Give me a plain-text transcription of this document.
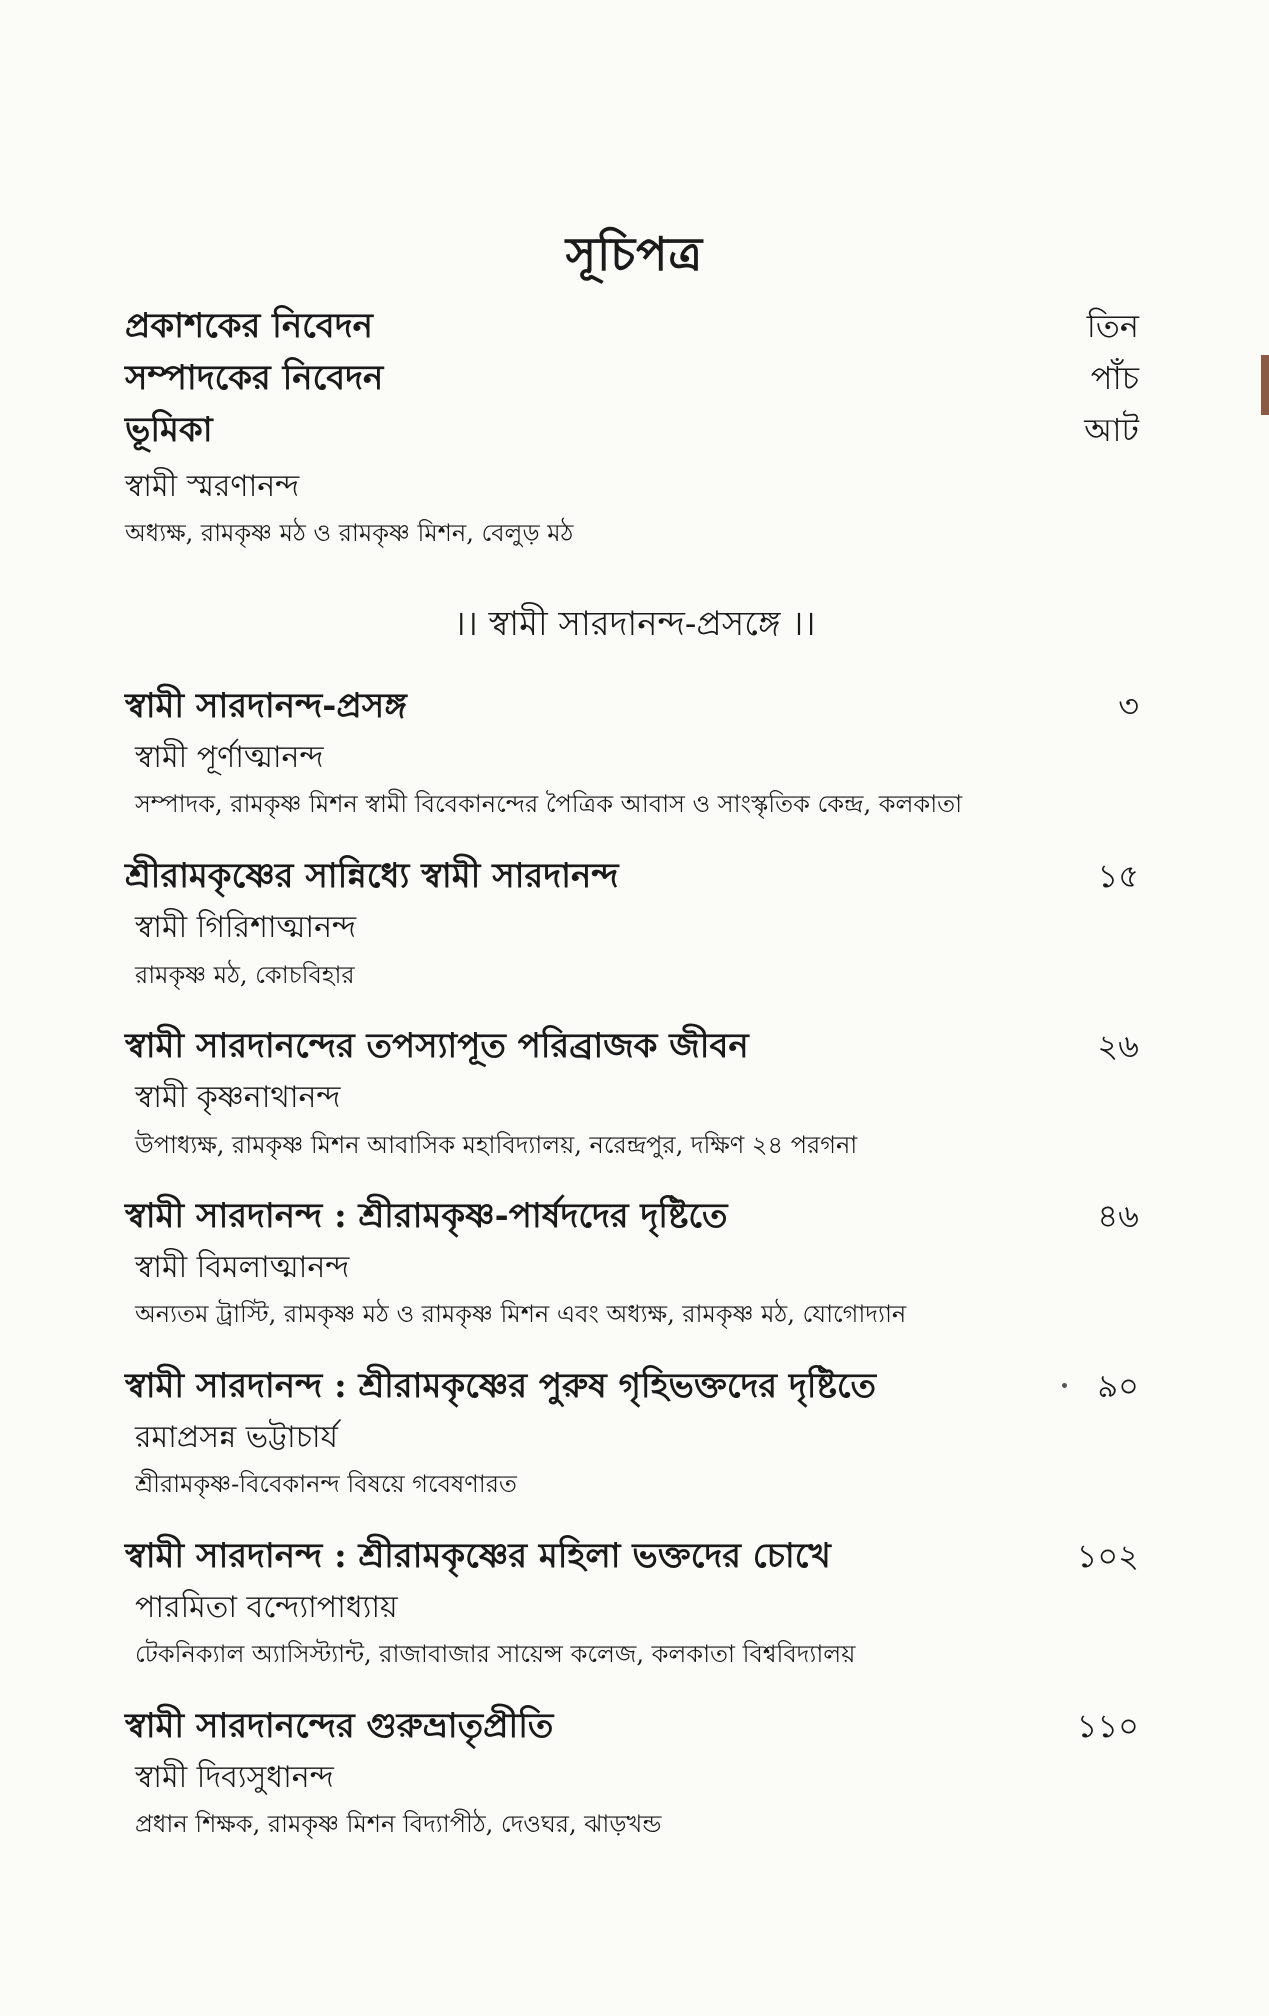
সূচিপত্র
প্রকাশকের নিবেদন	তিন
সম্পাদকের নিবেদন	পাঁচ
ভূমিকা	আট
স্বামী স্মরণানন্দ
অধ্যক্ষ, রামকৃষ্ণ মঠ ও রামকৃষ্ণ মিশন, বেলুড় মঠ
।। স্বামী সারদানন্দ-প্রসঙ্গে ।।
স্বামী সারদানন্দ-প্রসঙ্গ	৩
স্বামী পূর্ণাত্মানন্দ
সম্পাদক, রামকৃষ্ণ মিশন স্বামী বিবেকানন্দের পৈত্রিক আবাস ও সাংস্কৃতিক কেন্দ্র, কলকাতা
শ্রীরামকৃষ্ণের সান্নিধ্যে স্বামী সারদানন্দ	১৫
স্বামী গিরিশাত্মানন্দ
রামকৃষ্ণ মঠ, কোচবিহার
স্বামী সারদানন্দের তপস্যাপূত পরিব্রাজক জীবন	২৬
স্বামী কৃষ্ণনাথানন্দ
উপাধ্যক্ষ, রামকৃষ্ণ মিশন আবাসিক মহাবিদ্যালয়, নরেন্দ্রপুর, দক্ষিণ ২৪ পরগনা
স্বামী সারদানন্দ : শ্রীরামকৃষ্ণ-পার্ষদদের দৃষ্টিতে	৪৬
স্বামী বিমলাত্মানন্দ
অন্যতম ট্রাস্টি, রামকৃষ্ণ মঠ ও রামকৃষ্ণ মিশন এবং অধ্যক্ষ, রামকৃষ্ণ মঠ, যোগোদ্যান
স্বামী সারদানন্দ : শ্রীরামকৃষ্ণের পুরুষ গৃহিভক্তদের দৃষ্টিতে	৯০
রমাপ্রসন্ন ভট্টাচার্য
শ্রীরামকৃষ্ণ-বিবেকানন্দ বিষয়ে গবেষণারত
স্বামী সারদানন্দ : শ্রীরামকৃষ্ণের মহিলা ভক্তদের চোখে	১০২
পারমিতা বন্দ্যোপাধ্যায়
টেকনিক্যাল অ্যাসিস্ট্যান্ট, রাজাবাজার সায়েন্স কলেজ, কলকাতা বিশ্ববিদ্যালয়
স্বামী সারদানন্দের গুরুভ্রাতৃপ্রীতি	১১০
স্বামী দিব্যসুধানন্দ
প্রধান শিক্ষক, রামকৃষ্ণ মিশন বিদ্যাপীঠ, দেওঘর, ঝাড়খন্ড
